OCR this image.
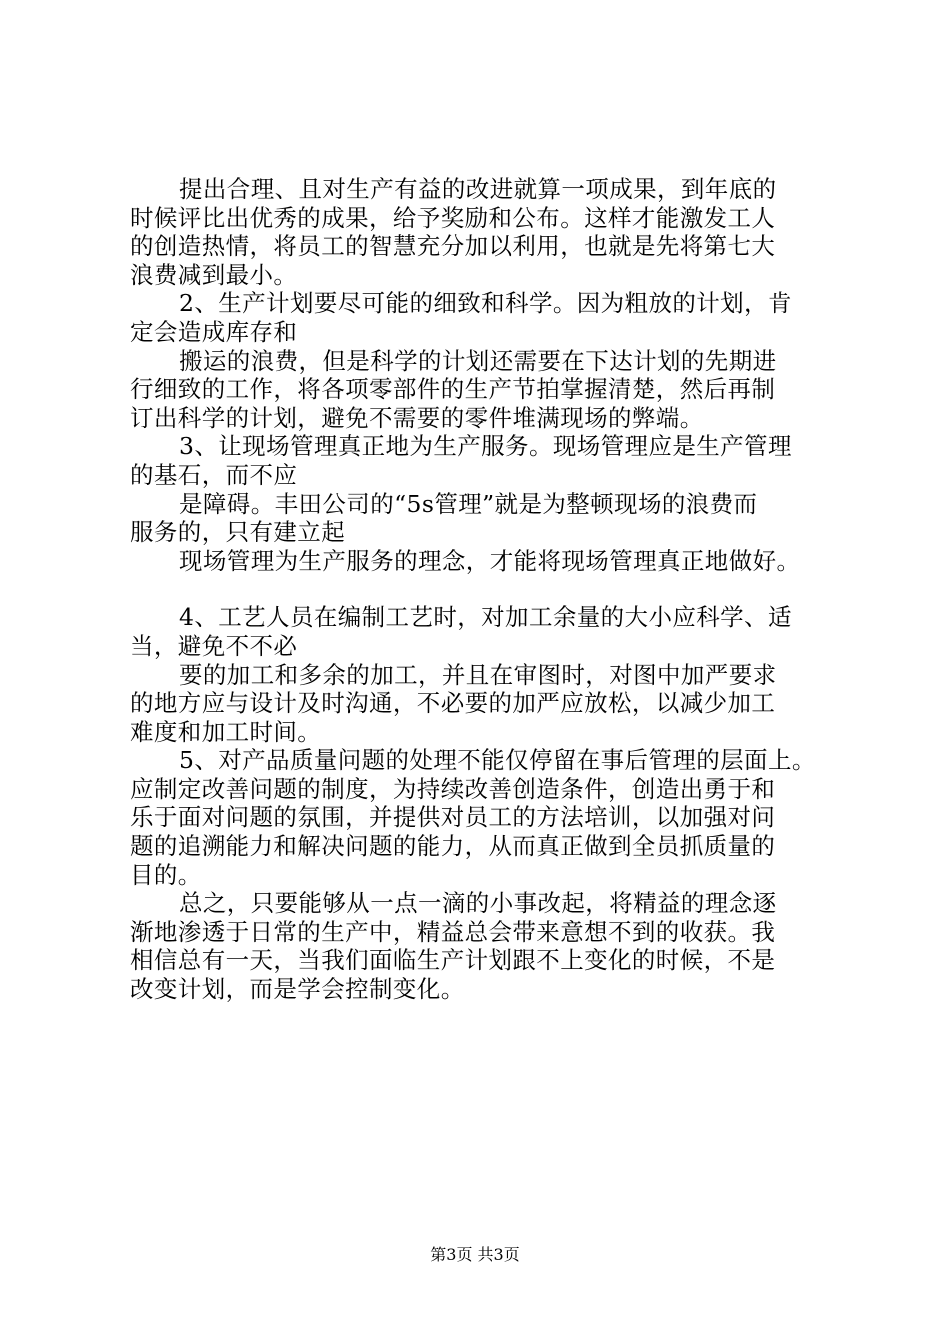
提出合理、且对生产有益的改进就算一项成果，到年底的
时候评比出优秀的成果，给予奖励和公布。这样才能激发工人
的创造热情，将员工的智慧充分加以利用，也就是先将第七大
浪费减到最小。
2、生产计划要尽可能的细致和科学。因为粗放的计划，肯
定会造成库存和
搬运的浪费，但是科学的计划还需要在下达计划的先期进
行细致的工作，将各项零部件的生产节拍掌握清楚，然后再制
订出科学的计划，避免不需要的零件堆满现场的弊端。
3、让现场管理真正地为生产服务。现场管理应是生产管理
的基石，而不应
是障碍。丰田公司的“5s管理”就是为整顿现场的浪费而
服务的，只有建立起
现场管理为生产服务的理念，才能将现场管理真正地做好。
4、工艺人员在编制工艺时，对加工余量的大小应科学、适
当，避免不不必
要的加工和多余的加工，并且在审图时，对图中加严要求
的地方应与设计及时沟通，不必要的加严应放松，以减少加工
难度和加工时间。
5、对产品质量问题的处理不能仅停留在事后管理的层面上。
应制定改善问题的制度，为持续改善创造条件，创造出勇于和
乐于面对问题的氛围，并提供对员工的方法培训，以加强对问
题的追溯能力和解决问题的能力，从而真正做到全员抓质量的
目的。
总之，只要能够从一点一滴的小事改起，将精益的理念逐
渐地渗透于日常的生产中，精益总会带来意想不到的收获。我
相信总有一天，当我们面临生产计划跟不上变化的时候，不是
改变计划，而是学会控制变化。
第3页 共3页
